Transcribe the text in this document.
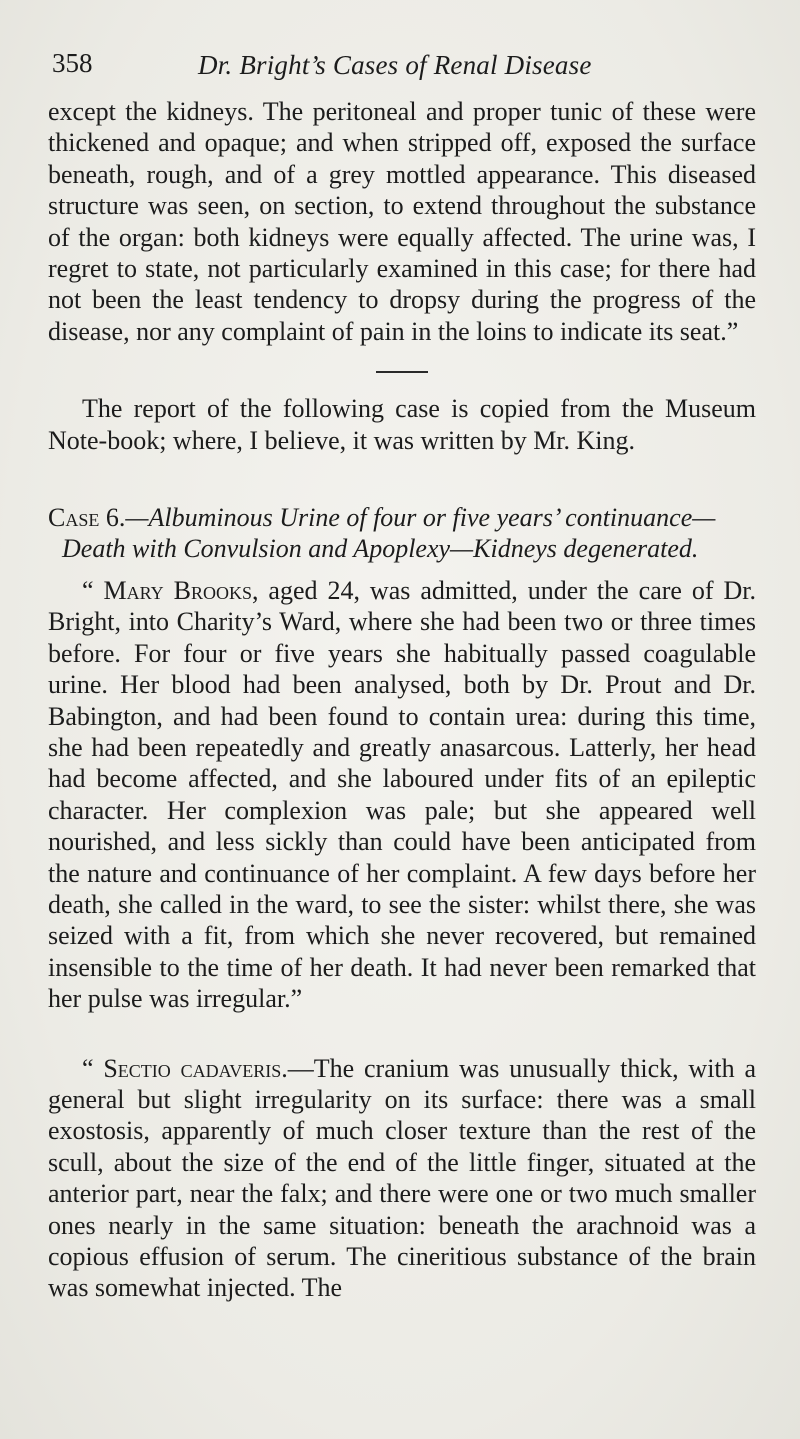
358	Dr. Bright’s Cases of Renal Disease

except the kidneys. The peritoneal and proper tunic of these were thickened and opaque; and when stripped off, exposed the surface beneath, rough, and of a grey mottled appearance. This diseased structure was seen, on section, to extend throughout the substance of the organ: both kidneys were equally affected. The urine was, I regret to state, not particularly examined in this case; for there had not been the least tendency to dropsy during the progress of the disease, nor any complaint of pain in the loins to indicate its seat.”

The report of the following case is copied from the Museum Note-book; where, I believe, it was written by Mr. King.

Case 6.—Albuminous Urine of four or five years’ continuance—
Death with Convulsion and Apoplexy—Kidneys degenerated.

“ Mary Brooks, aged 24, was admitted, under the care of Dr. Bright, into Charity’s Ward, where she had been two or three times before. For four or five years she habitually passed coagulable urine. Her blood had been analysed, both by Dr. Prout and Dr. Babington, and had been found to contain urea: during this time, she had been repeatedly and greatly anasarcous. Latterly, her head had become affected, and she laboured under fits of an epileptic character. Her complexion was pale; but she appeared well nourished, and less sickly than could have been anticipated from the nature and continuance of her complaint. A few days before her death, she called in the ward, to see the sister: whilst there, she was seized with a fit, from which she never recovered, but remained insensible to the time of her death. It had never been remarked that her pulse was irregular.”

“ Sectio cadaveris.—The cranium was unusually thick, with a general but slight irregularity on its surface: there was a small exostosis, apparently of much closer texture than the rest of the scull, about the size of the end of the little finger, situated at the anterior part, near the falx; and there were one or two much smaller ones nearly in the same situation: beneath the arachnoid was a copious effusion of serum. The cineritious substance of the brain was somewhat injected. The
